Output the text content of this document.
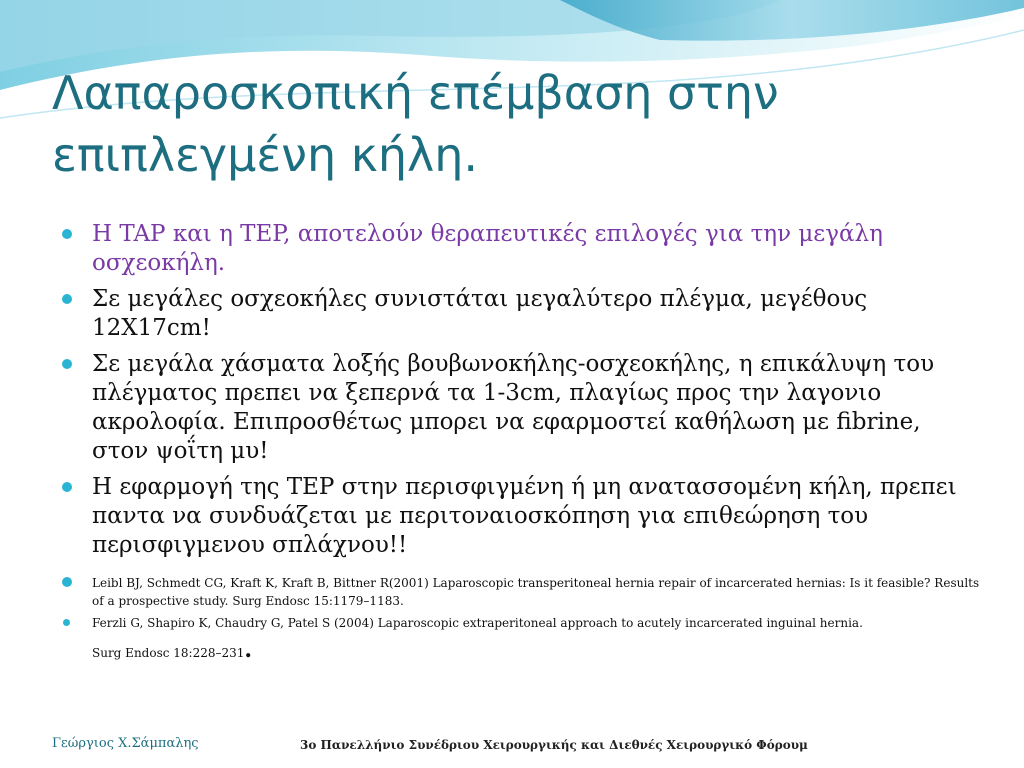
Λαπαροσκοπική επέμβαση στην
επιπλεγμένη κήλη.
Η TAP και η TEP, αποτελούν θεραπευτικές επιλογές για την μεγάλη οσχεοκήλη.
Σε μεγάλες οσχεοκήλες συνιστάται μεγαλύτερο πλέγμα, μεγέθους 12Χ17cm!
Σε μεγάλα χάσματα λοξής βουβωνοκήλης-οσχεοκήλης, η επικάλυψη του πλέγματος πρεπει να ξεπερνά τα 1-3cm, πλαγίως προς την λαγονιο ακρολοφία. Επιπροσθέτως μπορει να εφαρμοστεί καθήλωση με fibrine, στον ψοΐτη μυ!
Η εφαρμογή της TEP στην περισφιγμένη ή μη ανατασσομένη κήλη, πρεπει παντα να συνδυάζεται με περιτοναιοσκόπηση για επιθεώρηση του περισφιγμενου σπλάχνου!!
Leibl BJ, Schmedt CG, Kraft K, Kraft B, Bittner R(2001) Laparoscopic transperitoneal hernia repair of incarcerated hernias: Is it feasible? Results of a prospective study. Surg Endosc 15:1179–1183.
Ferzli G, Shapiro K, Chaudry G, Patel S (2004) Laparoscopic extraperitoneal approach to acutely incarcerated inguinal hernia.
Surg Endosc 18:228–231.
Γεώργιος Χ.Σάμπαλης	3ο Πανελλήνιο Συνέδριου Χειρουργικής και Διεθνές Χειρουργικό Φόρουμ
